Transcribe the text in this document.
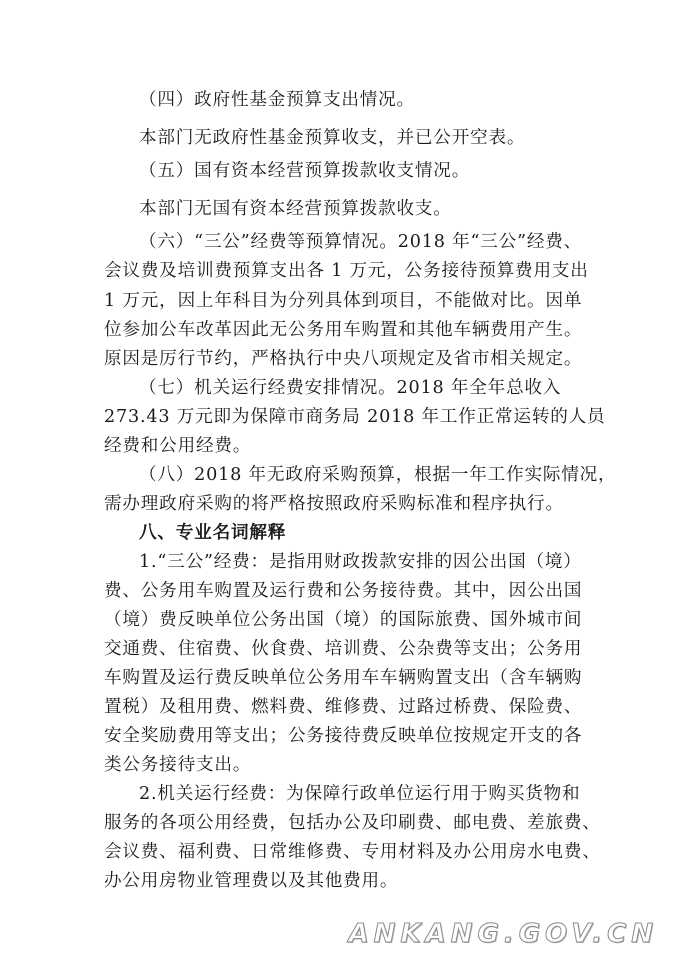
（四）政府性基金预算支出情况。
本部门无政府性基金预算收支，并已公开空表。
（五）国有资本经营预算拨款收支情况。
本部门无国有资本经营预算拨款收支。
（六）“三公”经费等预算情况。2018 年“三公”经费、
会议费及培训费预算支出各 1 万元，公务接待预算费用支出
1 万元，因上年科目为分列具体到项目，不能做对比。因单
位参加公车改革因此无公务用车购置和其他车辆费用产生。
原因是厉行节约，严格执行中央八项规定及省市相关规定。
（七）机关运行经费安排情况。2018 年全年总收入
273.43 万元即为保障市商务局 2018 年工作正常运转的人员
经费和公用经费。
（八）2018 年无政府采购预算，根据一年工作实际情况，
需办理政府采购的将严格按照政府采购标准和程序执行。
八、专业名词解释
1.“三公”经费：是指用财政拨款安排的因公出国（境）
费、公务用车购置及运行费和公务接待费。其中，因公出国
（境）费反映单位公务出国（境）的国际旅费、国外城市间
交通费、住宿费、伙食费、培训费、公杂费等支出；公务用
车购置及运行费反映单位公务用车车辆购置支出（含车辆购
置税）及租用费、燃料费、维修费、过路过桥费、保险费、
安全奖励费用等支出；公务接待费反映单位按规定开支的各
类公务接待支出。
2.机关运行经费：为保障行政单位运行用于购买货物和
服务的各项公用经费，包括办公及印刷费、邮电费、差旅费、
会议费、福利费、日常维修费、专用材料及办公用房水电费、
办公用房物业管理费以及其他费用。
ANKANG.GOV.CN
